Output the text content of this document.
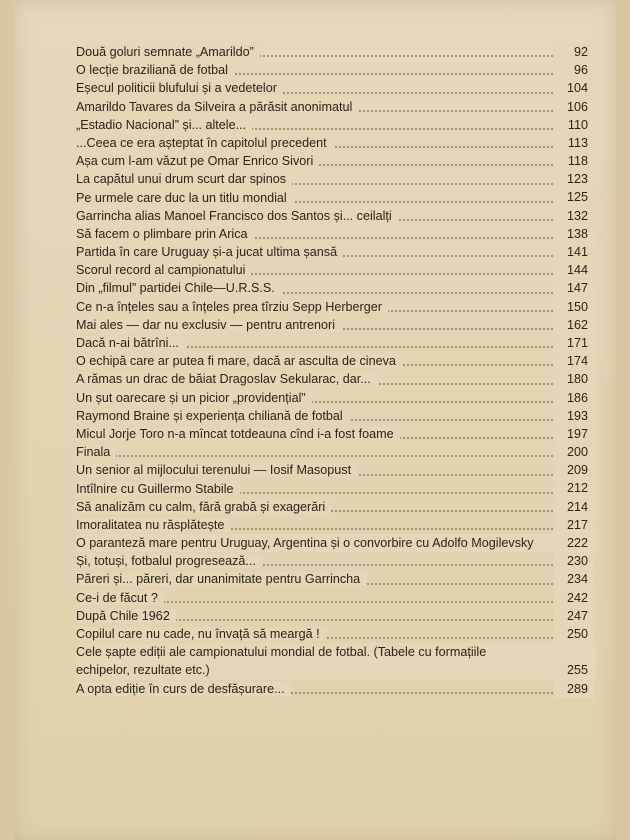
Două goluri semnate „Amarildo”	92
O lecție braziliană de fotbal	96
Eșecul politicii blufului și a vedetelor	104
Amarildo Tavares da Silveira a părăsit anonimatul	106
„Estadio Nacional” și... altele...	110
...Ceea ce era așteptat în capitolul precedent	113
Așa cum l-am văzut pe Omar Enrico Sivori	118
La capătul unui drum scurt dar spinos	123
Pe urmele care duc la un titlu mondial	125
Garrincha alias Manoel Francisco dos Santos și... ceilalți	132
Să facem o plimbare prin Arica	138
Partida în care Uruguay și-a jucat ultima șansă	141
Scorul record al campionatului	144
Din „filmul” partidei Chile—U.R.S.S.	147
Ce n-a înțeles sau a înțeles prea tîrziu Sepp Herberger	150
Mai ales — dar nu exclusiv — pentru antrenori	162
Dacă n-ai bătrîni...	171
O echipă care ar putea fi mare, dacă ar asculta de cineva	174
A rămas un drac de băiat Dragoslav Sekularac, dar...	180
Un șut oarecare și un picior „providențial”	186
Raymond Braine și experiența chiliană de fotbal	193
Micul Jorje Toro n-a mîncat totdeauna cînd i-a fost foame	197
Finala	200
Un senior al mijlocului terenului — Iosif Masopust	209
Intîlnire cu Guillermo Stabile	212
Să analizăm cu calm, fără grabă și exagerări	214
Imoralitatea nu răsplătește	217
O paranteză mare pentru Uruguay, Argentina și o convorbire cu Adolfo Mogilevsky	222
Și, totuși, fotbalul progresează...	230
Păreri și... păreri, dar unanimitate pentru Garrincha	234
Ce-i de făcut ?	242
După Chile 1962	247
Copilul care nu cade, nu învață să meargă !	250
Cele șapte ediții ale campionatului mondial de fotbal. (Tabele cu formațiile echipelor, rezultate etc.)	255
A opta ediție în curs de desfășurare...	289
